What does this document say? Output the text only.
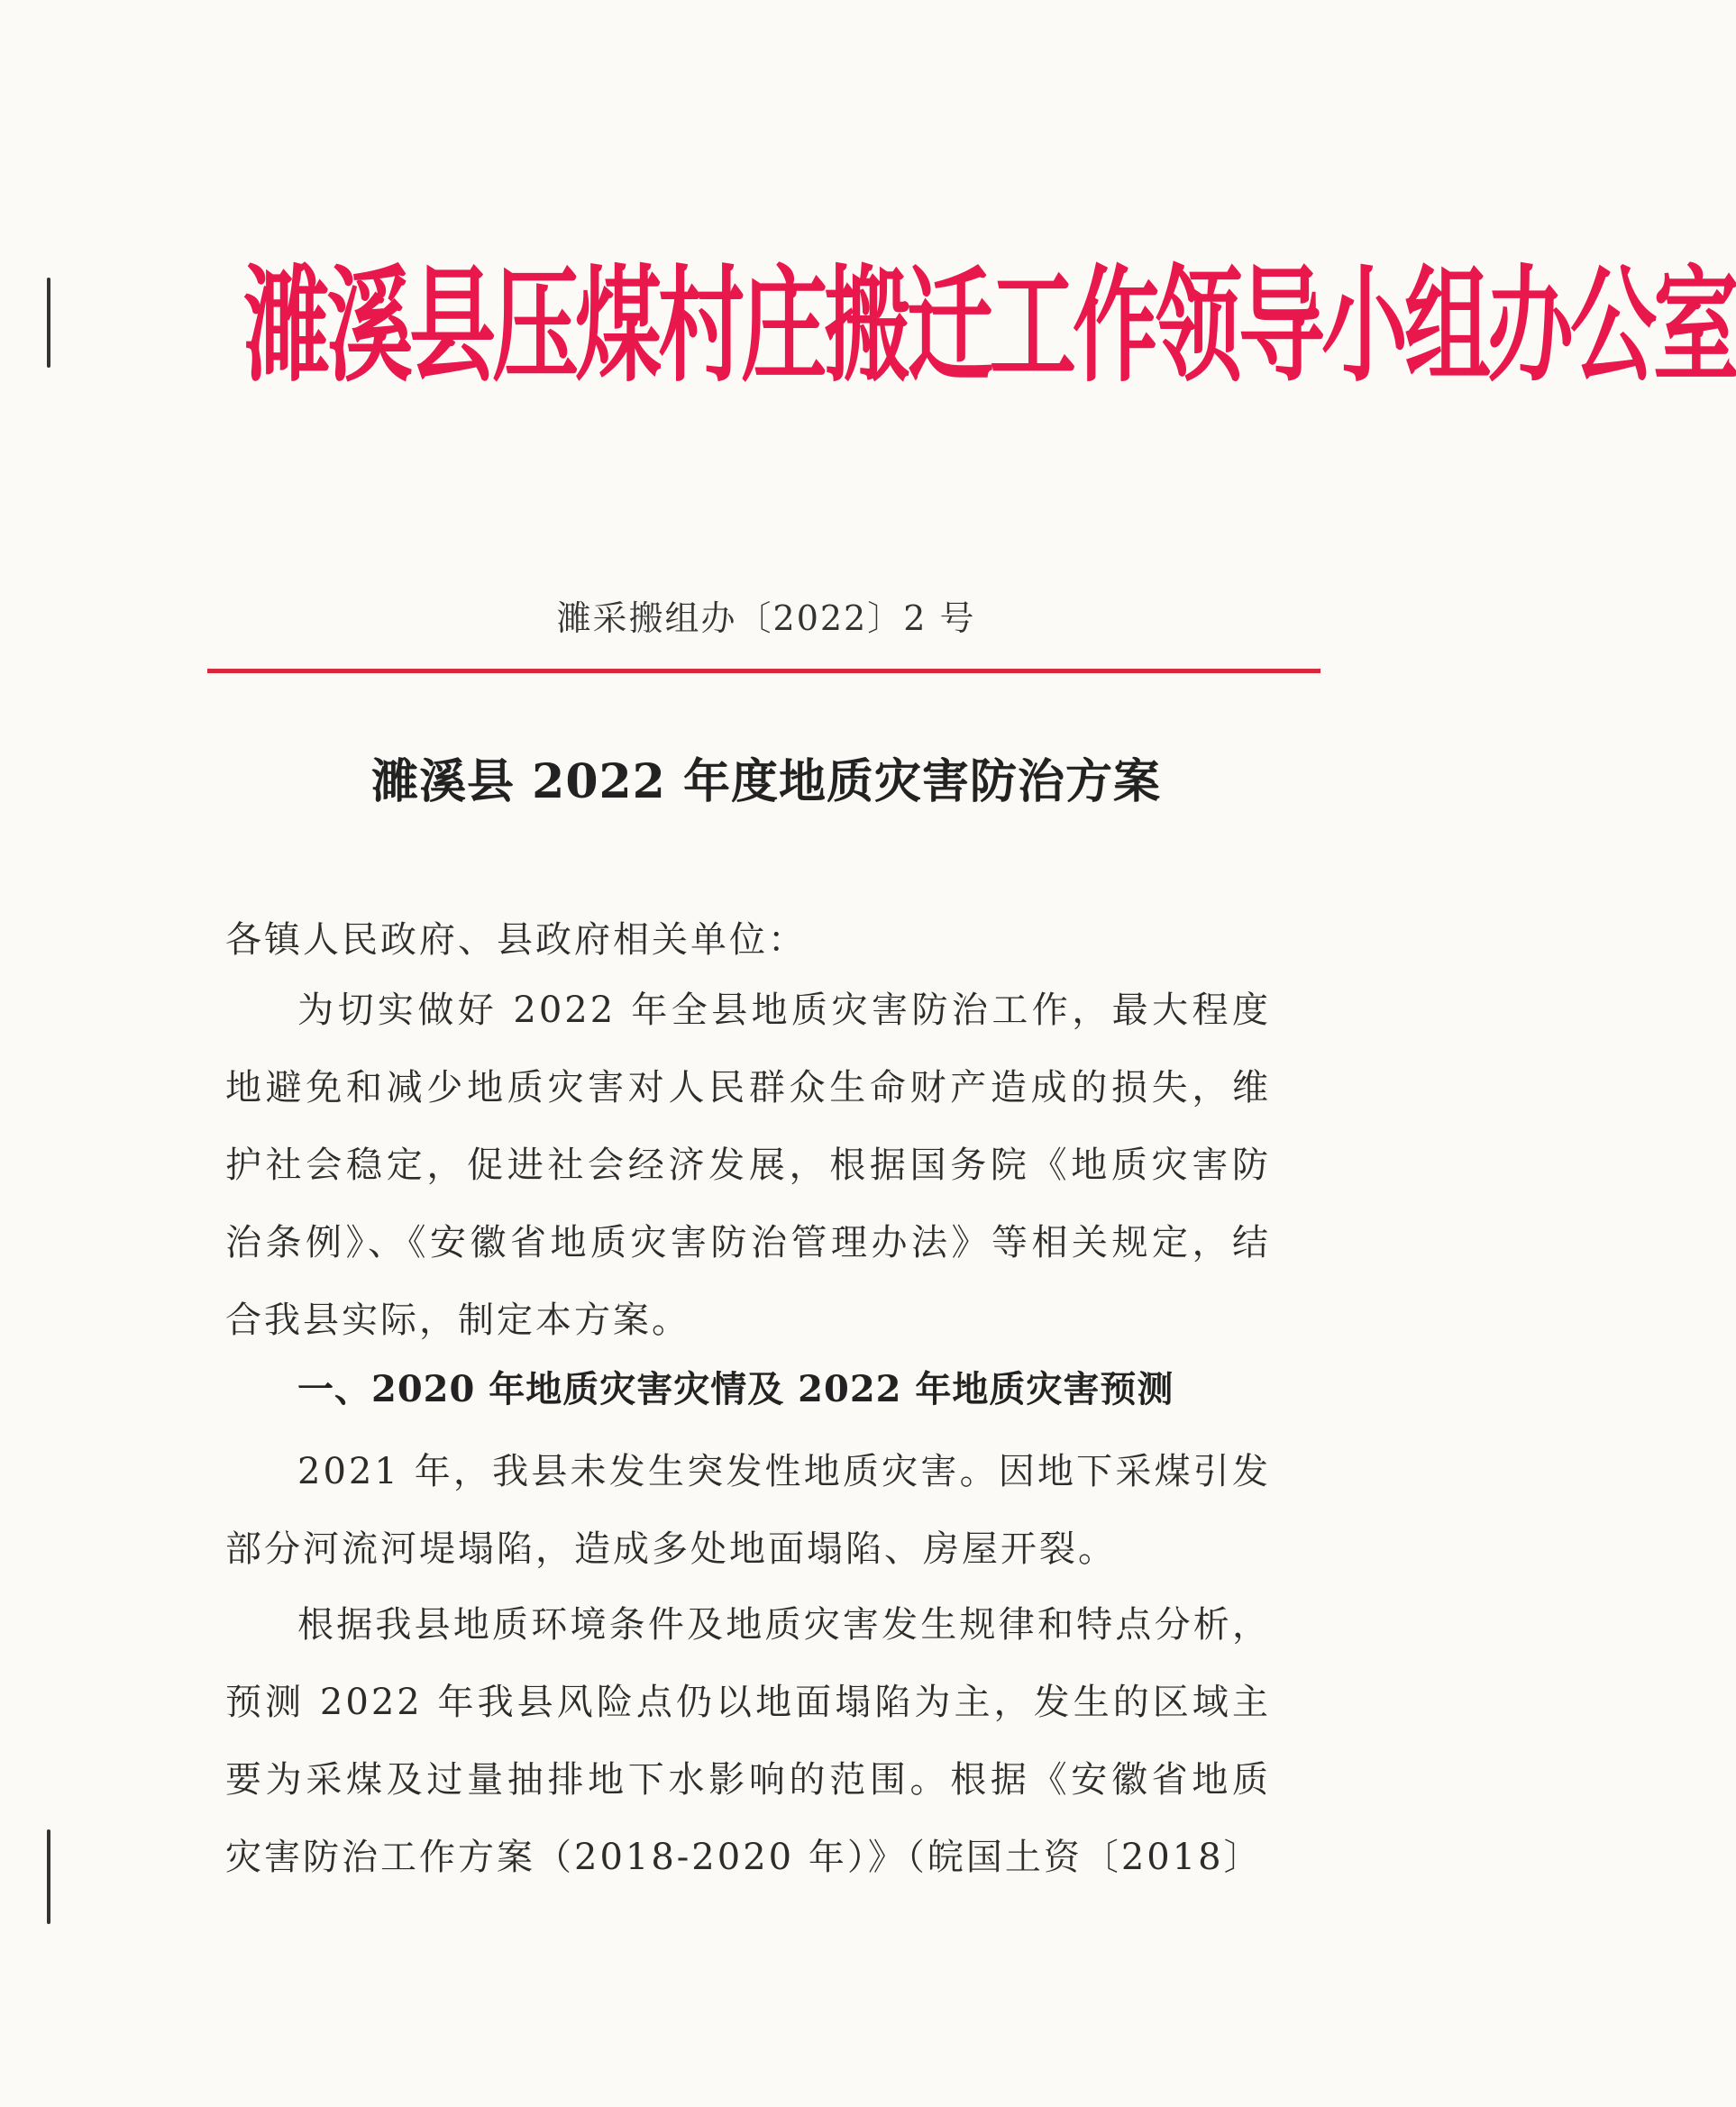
濉溪县压煤村庄搬迁工作领导小组办公室
濉采搬组办〔2022〕2 号
濉溪县 2022 年度地质灾害防治方案

各镇人民政府、县政府相关单位：

为切实做好 2022 年全县地质灾害防治工作，最大程度地避免和减少地质灾害对人民群众生命财产造成的损失，维护社会稳定，促进社会经济发展，根据国务院《地质灾害防治条例》、《安徽省地质灾害防治管理办法》等相关规定，结合我县实际，制定本方案。

一、2020 年地质灾害灾情及 2022 年地质灾害预测

2021 年，我县未发生突发性地质灾害。因地下采煤引发部分河流河堤塌陷，造成多处地面塌陷、房屋开裂。

根据我县地质环境条件及地质灾害发生规律和特点分析，预测 2022 年我县风险点仍以地面塌陷为主，发生的区域主要为采煤及过量抽排地下水影响的范围。根据《安徽省地质灾害防治工作方案（2018-2020 年）》（皖国土资〔2018〕
